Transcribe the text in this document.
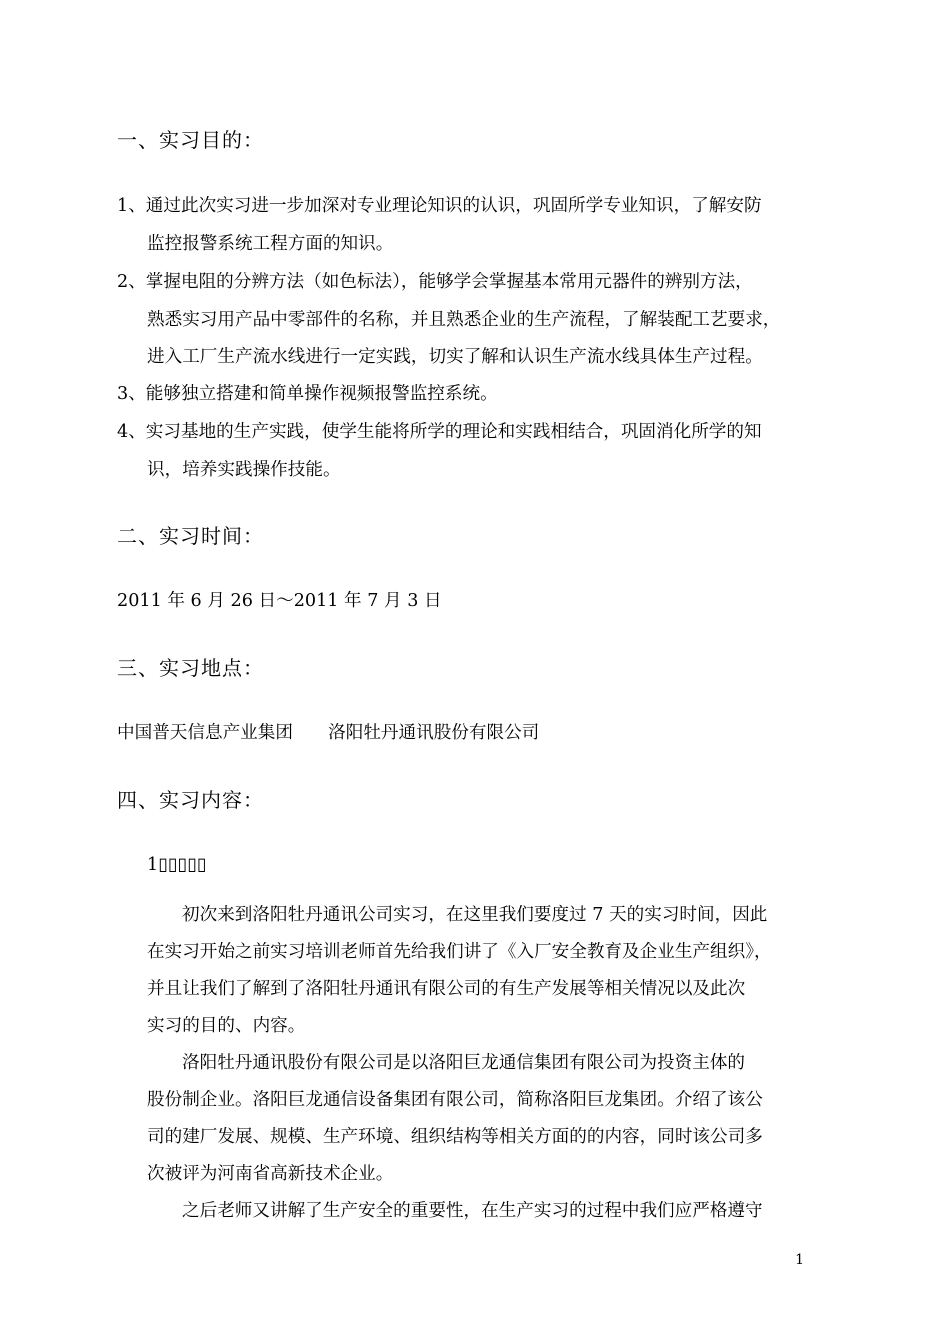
一、实习目的：
1、通过此次实习进一步加深对专业理论知识的认识，巩固所学专业知识，了解安防
监控报警系统工程方面的知识。
2、掌握电阻的分辨方法（如色标法），能够学会掌握基本常用元器件的辨别方法，
熟悉实习用产品中零部件的名称，并且熟悉企业的生产流程，了解装配工艺要求，
进入工厂生产流水线进行一定实践，切实了解和认识生产流水线具体生产过程。
3、能够独立搭建和简单操作视频报警监控系统。
4、实习基地的生产实践，使学生能将所学的理论和实践相结合，巩固消化所学的知
识，培养实践操作技能。
二、实习时间：
2011 年 6 月 26 日～2011 年 7 月 3 日
三、实习地点：
中国普天信息产业集团　　洛阳牡丹通讯股份有限公司
四、实习内容：
1▯▯▯▯▯
初次来到洛阳牡丹通讯公司实习，在这里我们要度过 7 天的实习时间，因此
在实习开始之前实习培训老师首先给我们讲了《入厂安全教育及企业生产组织》，
并且让我们了解到了洛阳牡丹通讯有限公司的有生产发展等相关情况以及此次
实习的目的、内容。
洛阳牡丹通讯股份有限公司是以洛阳巨龙通信集团有限公司为投资主体的
股份制企业。洛阳巨龙通信设备集团有限公司，简称洛阳巨龙集团。介绍了该公
司的建厂发展、规模、生产环境、组织结构等相关方面的的内容，同时该公司多
次被评为河南省高新技术企业。
之后老师又讲解了生产安全的重要性，在生产实习的过程中我们应严格遵守
1
